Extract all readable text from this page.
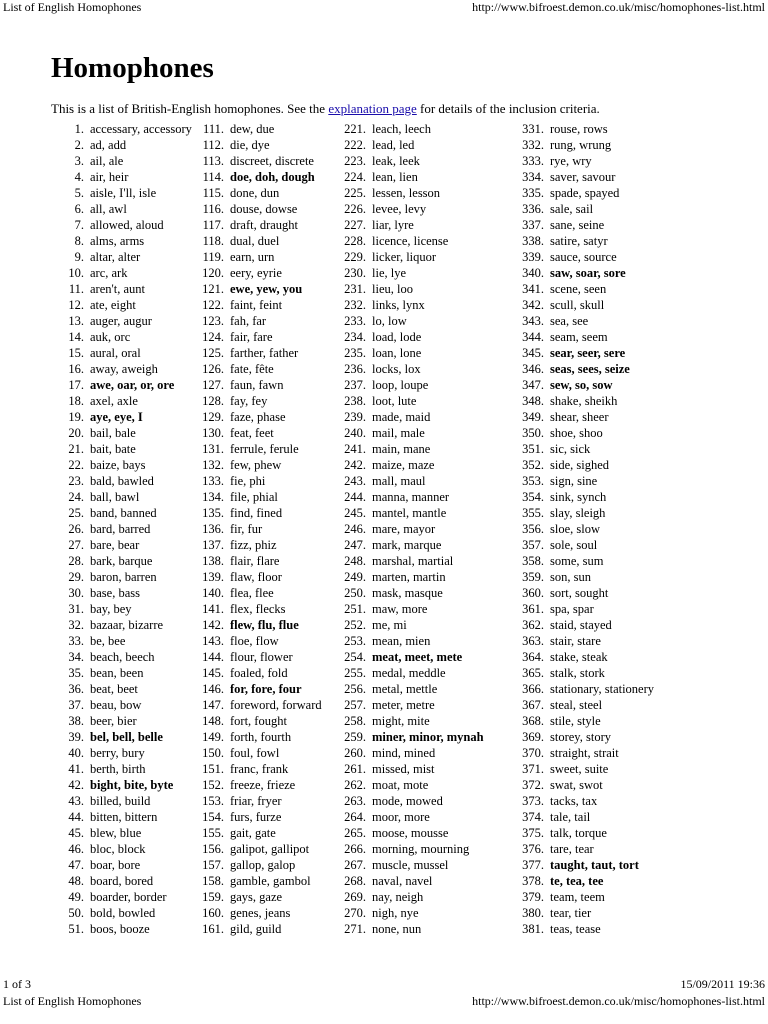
List of English Homophones	http://www.bifroest.demon.co.uk/misc/homophones-list.html
Homophones

This is a list of British-English homophones. See the explanation page for details of the inclusion criteria.

1. accessary, accessory
2. ad, add
3. ail, ale
4. air, heir
5. aisle, I'll, isle
6. all, awl
7. allowed, aloud
8. alms, arms
9. altar, alter
10. arc, ark
11. aren't, aunt
12. ate, eight
13. auger, augur
14. auk, orc
15. aural, oral
16. away, aweigh
17. awe, oar, or, ore
18. axel, axle
19. aye, eye, I
20. bail, bale
21. bait, bate
22. baize, bays
23. bald, bawled
24. ball, bawl
25. band, banned
26. bard, barred
27. bare, bear
28. bark, barque
29. baron, barren
30. base, bass
31. bay, bey
32. bazaar, bizarre
33. be, bee
34. beach, beech
35. bean, been
36. beat, beet
37. beau, bow
38. beer, bier
39. bel, bell, belle
40. berry, bury
41. berth, birth
42. bight, bite, byte
43. billed, build
44. bitten, bittern
45. blew, blue
46. bloc, block
47. boar, bore
48. board, bored
49. boarder, border
50. bold, bowled
51. boos, booze
111. dew, due
112. die, dye
113. discreet, discrete
114. doe, doh, dough
115. done, dun
116. douse, dowse
117. draft, draught
118. dual, duel
119. earn, urn
120. eery, eyrie
121. ewe, yew, you
122. faint, feint
123. fah, far
124. fair, fare
125. farther, father
126. fate, fête
127. faun, fawn
128. fay, fey
129. faze, phase
130. feat, feet
131. ferrule, ferule
132. few, phew
133. fie, phi
134. file, phial
135. find, fined
136. fir, fur
137. fizz, phiz
138. flair, flare
139. flaw, floor
140. flea, flee
141. flex, flecks
142. flew, flu, flue
143. floe, flow
144. flour, flower
145. foaled, fold
146. for, fore, four
147. foreword, forward
148. fort, fought
149. forth, fourth
150. foul, fowl
151. franc, frank
152. freeze, frieze
153. friar, fryer
154. furs, furze
155. gait, gate
156. galipot, gallipot
157. gallop, galop
158. gamble, gambol
159. gays, gaze
160. genes, jeans
161. gild, guild
221. leach, leech
222. lead, led
223. leak, leek
224. lean, lien
225. lessen, lesson
226. levee, levy
227. liar, lyre
228. licence, license
229. licker, liquor
230. lie, lye
231. lieu, loo
232. links, lynx
233. lo, low
234. load, lode
235. loan, lone
236. locks, lox
237. loop, loupe
238. loot, lute
239. made, maid
240. mail, male
241. main, mane
242. maize, maze
243. mall, maul
244. manna, manner
245. mantel, mantle
246. mare, mayor
247. mark, marque
248. marshal, martial
249. marten, martin
250. mask, masque
251. maw, more
252. me, mi
253. mean, mien
254. meat, meet, mete
255. medal, meddle
256. metal, mettle
257. meter, metre
258. might, mite
259. miner, minor, mynah
260. mind, mined
261. missed, mist
262. moat, mote
263. mode, mowed
264. moor, more
265. moose, mousse
266. morning, mourning
267. muscle, mussel
268. naval, navel
269. nay, neigh
270. nigh, nye
271. none, nun
331. rouse, rows
332. rung, wrung
333. rye, wry
334. saver, savour
335. spade, spayed
336. sale, sail
337. sane, seine
338. satire, satyr
339. sauce, source
340. saw, soar, sore
341. scene, seen
342. scull, skull
343. sea, see
344. seam, seem
345. sear, seer, sere
346. seas, sees, seize
347. sew, so, sow
348. shake, sheikh
349. shear, sheer
350. shoe, shoo
351. sic, sick
352. side, sighed
353. sign, sine
354. sink, synch
355. slay, sleigh
356. sloe, slow
357. sole, soul
358. some, sum
359. son, sun
360. sort, sought
361. spa, spar
362. staid, stayed
363. stair, stare
364. stake, steak
365. stalk, stork
366. stationary, stationery
367. steal, steel
368. stile, style
369. storey, story
370. straight, strait
371. sweet, suite
372. swat, swot
373. tacks, tax
374. tale, tail
375. talk, torque
376. tare, tear
377. taught, taut, tort
378. te, tea, tee
379. team, teem
380. tear, tier
381. teas, tease
1 of 3	15/09/2011 19:36
List of English Homophones	http://www.bifroest.demon.co.uk/misc/homophones-list.html
